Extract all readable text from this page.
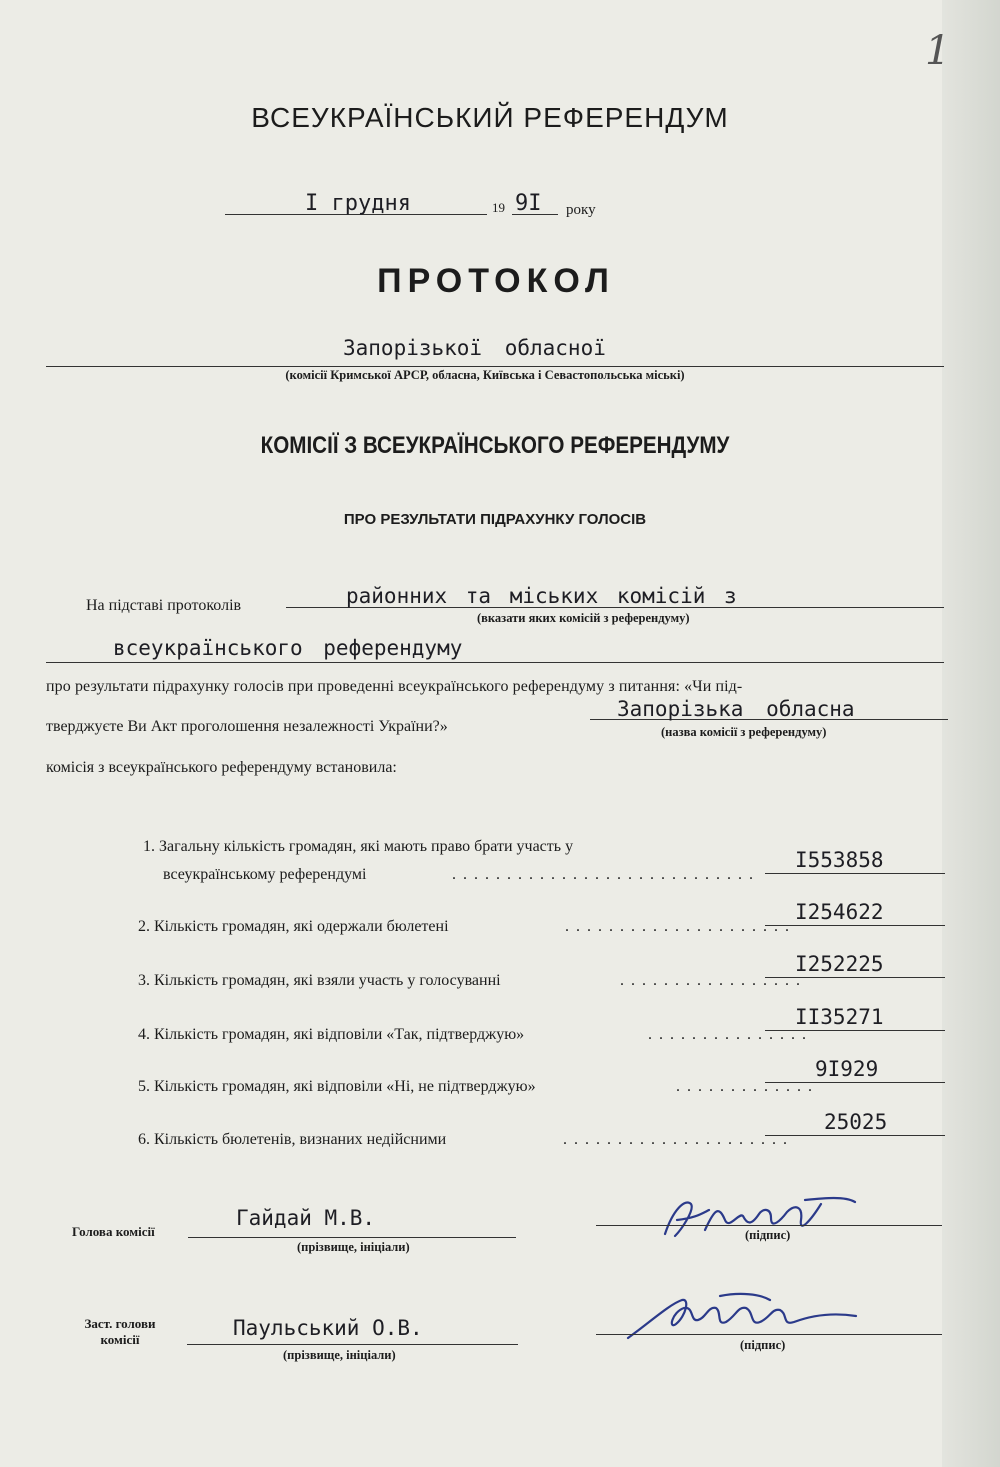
1
ВСЕУКРАЇНСЬКИЙ РЕФЕРЕНДУМ
I грудня	19 9I року
ПРОТОКОЛ
Запорізької обласної
(комісії Кримської АРСР, обласна, Київська і Севастопольська міські)
КОМІСІЇ З ВСЕУКРАЇНСЬКОГО РЕФЕРЕНДУМУ
ПРО РЕЗУЛЬТАТИ ПІДРАХУНКУ ГОЛОСІВ
На підставі протоколів	районних та міських комісій з
(вказати яких комісій з референдуму)
всеукраїнського референдуму
про результати підрахунку голосів при проведенні всеукраїнського референдуму з питання: «Чи під-
тверджуєте Ви Акт проголошення незалежності України?»
Запорізька обласна
(назва комісії з референдуму)
комісія з всеукраїнського референдуму встановила:
1. Загальну кількість громадян, які мають право брати участь у
всеукраїнському референдумі	............................
I553858
2. Кількість громадян, які одержали бюлетені	.....................
I254622
3. Кількість громадян, які взяли участь у голосуванні	.................
I252225
4. Кількість громадян, які відповіли «Так, підтверджую»	...............
II35271
5. Кількість громадян, які відповіли «Ні, не підтверджую»	.............
9I929
6. Кількість бюлетенів, визнаних недійсними	.....................
25025
Голова комісії
Гайдай М.В.
(прізвище, ініціали)
(підпис)
Заст. голови
комісії	Паульський О.В.
(прізвище, ініціали)
(підпис)
